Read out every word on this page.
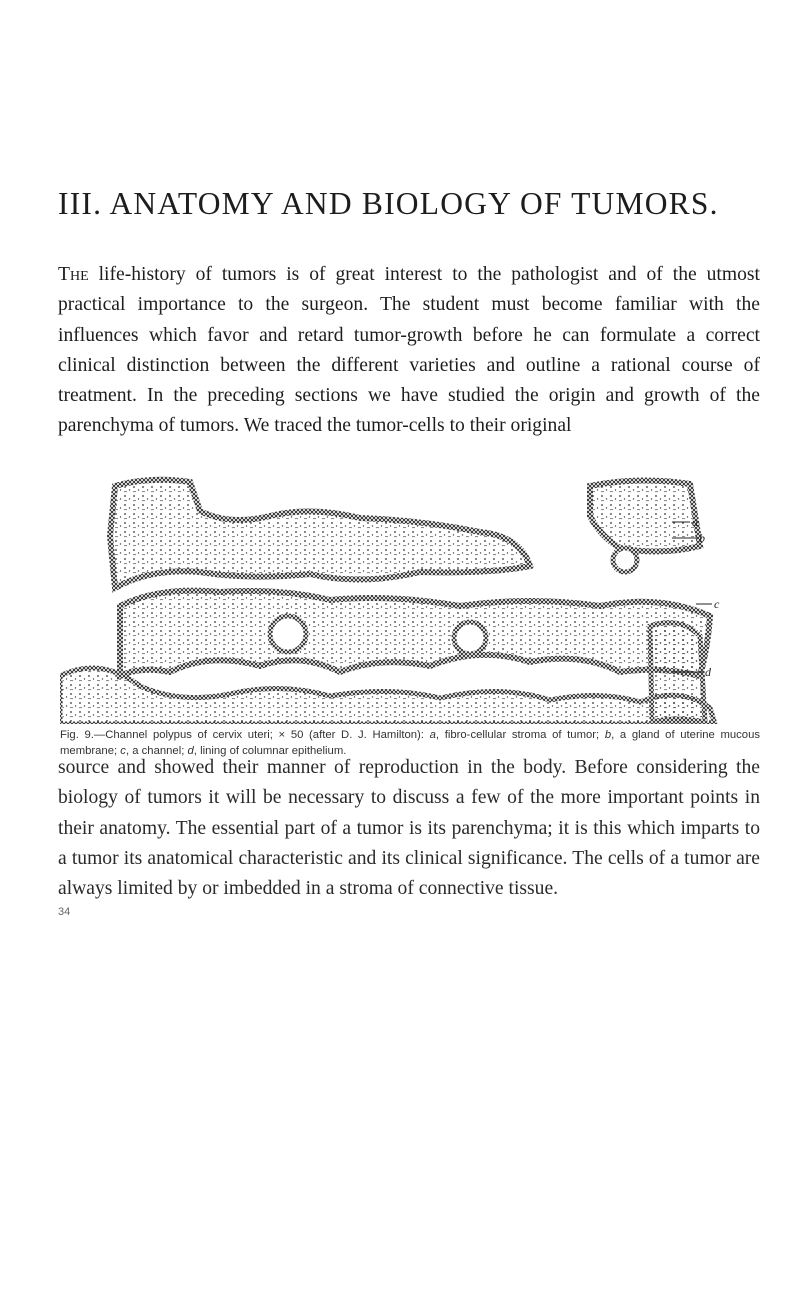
III. ANATOMY AND BIOLOGY OF TUMORS.

The life-history of tumors is of great interest to the pathologist and of the utmost practical importance to the surgeon. The student must become familiar with the influences which favor and retard tumor-growth before he can formulate a correct clinical distinction between the different varieties and outline a rational course of treatment. In the preceding sections we have studied the origin and growth of the parenchyma of tumors. We traced the tumor-cells to their original

a
b
c
d

Fig. 9.—Channel polypus of cervix uteri; × 50 (after D. J. Hamilton): a, fibro-cellular stroma of tumor; b, a gland of uterine mucous membrane; c, a channel; d, lining of columnar epithelium.

source and showed their manner of reproduction in the body. Before considering the biology of tumors it will be necessary to discuss a few of the more important points in their anatomy. The essential part of a tumor is its parenchyma; it is this which imparts to a tumor its anatomical characteristic and its clinical significance. The cells of a tumor are always limited by or imbedded in a stroma of connective tissue.

34
